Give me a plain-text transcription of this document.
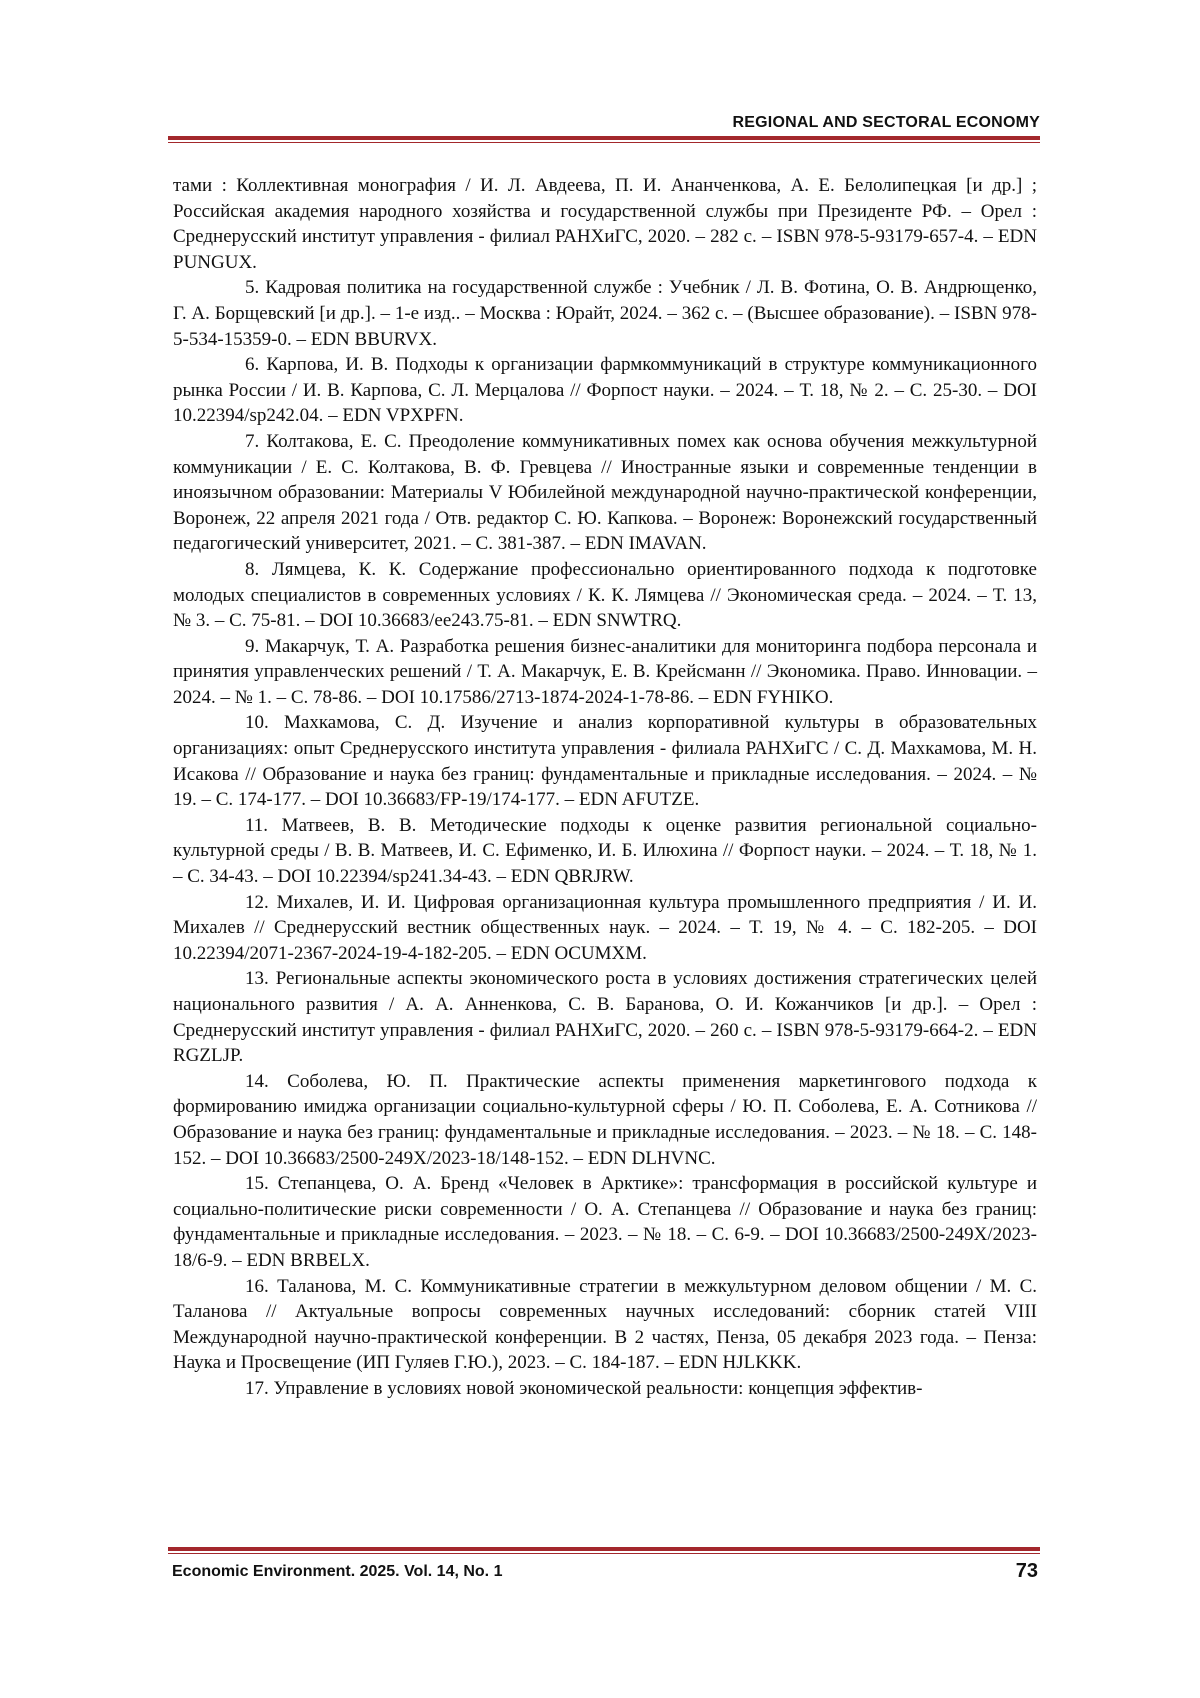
REGIONAL AND SECTORAL ECONOMY

тами : Коллективная монография / И. Л. Авдеева, П. И. Ананченкова, А. Е. Белолипецкая [и др.] ; Российская академия народного хозяйства и государственной службы при Президенте РФ. – Орел : Среднерусский институт управления - филиал РАНХиГС, 2020. – 282 с. – ISBN 978-5-93179-657-4. – EDN PUNGUX.

5. Кадровая политика на государственной службе : Учебник / Л. В. Фотина, О. В. Андрющенко, Г. А. Борщевский [и др.]. – 1-е изд.. – Москва : Юрайт, 2024. – 362 с. – (Высшее образование). – ISBN 978-5-534-15359-0. – EDN BBURVX.

6. Карпова, И. В. Подходы к организации фармкоммуникаций в структуре коммуникационного рынка России / И. В. Карпова, С. Л. Мерцалова // Форпост науки. – 2024. – Т. 18, № 2. – С. 25-30. – DOI 10.22394/sp242.04. – EDN VPXPFN.

7. Колтакова, Е. С. Преодоление коммуникативных помех как основа обучения межкультурной коммуникации / Е. С. Колтакова, В. Ф. Гревцева // Иностранные языки и современные тенденции в иноязычном образовании: Материалы V Юбилейной международной научно-практической конференции, Воронеж, 22 апреля 2021 года / Отв. редактор С. Ю. Капкова. – Воронеж: Воронежский государственный педагогический университет, 2021. – С. 381-387. – EDN IMAVAN.

8. Лямцева, К. К. Содержание профессионально ориентированного подхода к подготовке молодых специалистов в современных условиях / К. К. Лямцева // Экономическая среда. – 2024. – Т. 13, № 3. – С. 75-81. – DOI 10.36683/ee243.75-81. – EDN SNWTRQ.

9. Макарчук, Т. А. Разработка решения бизнес-аналитики для мониторинга подбора персонала и принятия управленческих решений / Т. А. Макарчук, Е. В. Крейсманн // Экономика. Право. Инновации. – 2024. – № 1. – С. 78-86. – DOI 10.17586/2713-1874-2024-1-78-86. – EDN FYHIKO.

10. Махкамова, С. Д. Изучение и анализ корпоративной культуры в образовательных организациях: опыт Среднерусского института управления - филиала РАНХиГС / С. Д. Махкамова, М. Н. Исакова // Образование и наука без границ: фундаментальные и прикладные исследования. – 2024. – № 19. – С. 174-177. – DOI 10.36683/FP-19/174-177. – EDN AFUTZE.

11. Матвеев, В. В. Методические подходы к оценке развития региональной социально-культурной среды / В. В. Матвеев, И. С. Ефименко, И. Б. Илюхина // Форпост науки. – 2024. – Т. 18, № 1. – С. 34-43. – DOI 10.22394/sp241.34-43. – EDN QBRJRW.

12. Михалев, И. И. Цифровая организационная культура промышленного предприятия / И. И. Михалев // Среднерусский вестник общественных наук. – 2024. – Т. 19, № 4. – С. 182-205. – DOI 10.22394/2071-2367-2024-19-4-182-205. – EDN OCUMXM.

13. Региональные аспекты экономического роста в условиях достижения стратегических целей национального развития / А. А. Анненкова, С. В. Баранова, О. И. Кожанчиков [и др.]. – Орел : Среднерусский институт управления - филиал РАНХиГС, 2020. – 260 с. – ISBN 978-5-93179-664-2. – EDN RGZLJP.

14. Соболева, Ю. П. Практические аспекты применения маркетингового подхода к формированию имиджа организации социально-культурной сферы / Ю. П. Соболева, Е. А. Сотникова // Образование и наука без границ: фундаментальные и прикладные исследования. – 2023. – № 18. – С. 148-152. – DOI 10.36683/2500-249X/2023-18/148-152. – EDN DLHVNC.

15. Степанцева, О. А. Бренд «Человек в Арктике»: трансформация в российской культуре и социально-политические риски современности / О. А. Степанцева // Образование и наука без границ: фундаментальные и прикладные исследования. – 2023. – № 18. – С. 6-9. – DOI 10.36683/2500-249X/2023-18/6-9. – EDN BRBELX.

16. Таланова, М. С. Коммуникативные стратегии в межкультурном деловом общении / М. С. Таланова // Актуальные вопросы современных научных исследований: сборник статей VIII Международной научно-практической конференции. В 2 частях, Пенза, 05 декабря 2023 года. – Пенза: Наука и Просвещение (ИП Гуляев Г.Ю.), 2023. – С. 184-187. – EDN HJLKKK.

17. Управление в условиях новой экономической реальности: концепция эффектив-

Economic Environment. 2025. Vol. 14, No. 1	73
